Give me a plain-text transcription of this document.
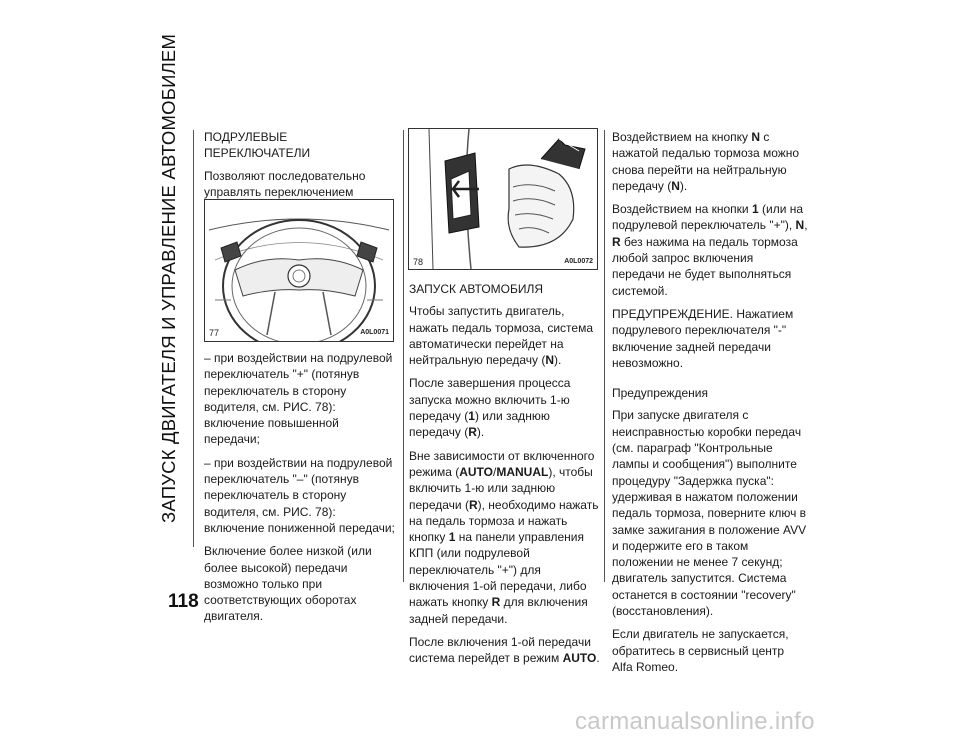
ЗАПУСК ДВИГАТЕЛЯ И УПРАВЛЕНИЕ АВТОМОБИЛЕМ
118

ПОДРУЛЕВЫЕ ПЕРЕКЛЮЧАТЕЛИ

Позволяют последовательно управлять переключением

77	A0L0071

– при воздействии на подрулевой переключатель "+" (потянув переключатель в сторону водителя, см. РИС. 78): включение повышенной передачи;

– при воздействии на подрулевой переключатель "–" (потянув переключатель в сторону водителя, см. РИС. 78): включение пониженной передачи;

Включение более низкой (или более высокой) передачи возможно только при соответствующих оборотах двигателя.

78	A0L0072

ЗАПУСК АВТОМОБИЛЯ

Чтобы запустить двигатель, нажать педаль тормоза, система автоматически перейдет на нейтральную передачу (N).

После завершения процесса запуска можно включить 1-ю передачу (1) или заднюю передачу (R).

Вне зависимости от включенного режима (AUTO/MANUAL), чтобы включить 1-ю или заднюю передачи (R), необходимо нажать на педаль тормоза и нажать кнопку 1 на панели управления КПП (или подрулевой переключатель "+") для включения 1-ой передачи, либо нажать кнопку R для включения задней передачи.

После включения 1-ой передачи система перейдет в режим AUTO.

Воздействием на кнопку N с нажатой педалью тормоза можно снова перейти на нейтральную передачу (N).

Воздействием на кнопки 1 (или на подрулевой переключатель "+"), N, R без нажима на педаль тормоза любой запрос включения передачи не будет выполняться системой.

ПРЕДУПРЕЖДЕНИЕ. Нажатием подрулевого переключателя "-" включение задней передачи невозможно.

Предупреждения

При запуске двигателя с неисправностью коробки передач (см. параграф "Контрольные лампы и сообщения") выполните процедуру "Задержка пуска": удерживая в нажатом положении педаль тормоза, поверните ключ в замке зажигания в положение AVV и подержите его в таком положении не менее 7 секунд; двигатель запустится. Система останется в состоянии "recovery" (восстановления).

Если двигатель не запускается, обратитесь в сервисный центр Alfa Romeo.

carmanualsonline.info
